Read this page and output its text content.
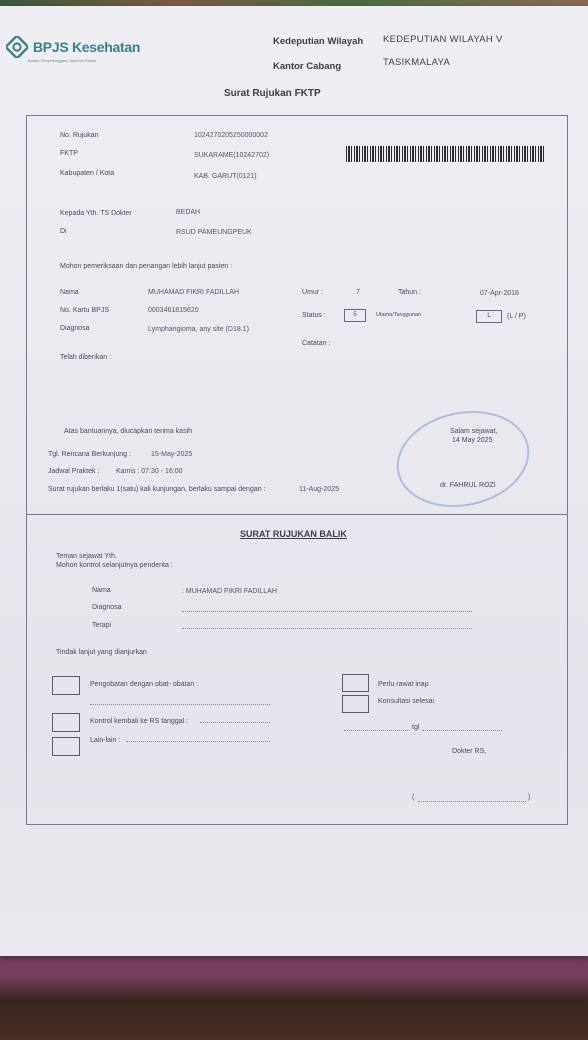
BPJS Kesehatan
Badan Penyelenggara Jaminan Sosial
Kedeputian Wilayah KEDEPUTIAN WILAYAH V
Kantor Cabang	TASIKMALAYA
Surat Rujukan FKTP
No. Rujukan	1024270205250000002
FKTP	SUKARAME(10242702)
Kabupaten / Kota	KAB. GARUT(0121)
Kepada Yth. TS Dokter	BEDAH
Di	RSUD PAMEUNGPEUK
Mohon pemeriksaan dan penangan lebih lanjut pasien :
Nama	MUHAMAD FIKRI FADILLAH
No. Kartu BPJS	0003461815620
Diagnosa	Lymphangioma, any site (D18.1)
Umur :	7	Tahun :	07-Apr-2018
Status :	5	Utama/Tanggunan	L	(L / P)
Catatan :
Telah diberikan :
Atas bantuannya, diucapkan terima kasih
Tgl. Rencana Berkunjung :	15-May-2025
Jadwal Praktek : Kamis : 07:30 - 16:00
Surat rujukan berlaku 1(satu) kali kunjungan, berlaku sampai dengan :	11-Aug-2025
Salam sejawat,
14 May 2025
dr. FAHRUL ROZI
SURAT RUJUKAN BALIK
Teman sejawat Yth.
Mohon kontrol selanjutnya penderita :
Nama	: MUHAMAD FIKRI FADILLAH
Diagnosa
Terapi
Tindak lanjut yang dianjurkan
Pengobatan dengan obat- obatan :
Kontrol kembali ke RS tanggal :
Lain-lain :
Perlu rawat inap
Konsultasi selesai
tgl
Dokter RS,
(	)
